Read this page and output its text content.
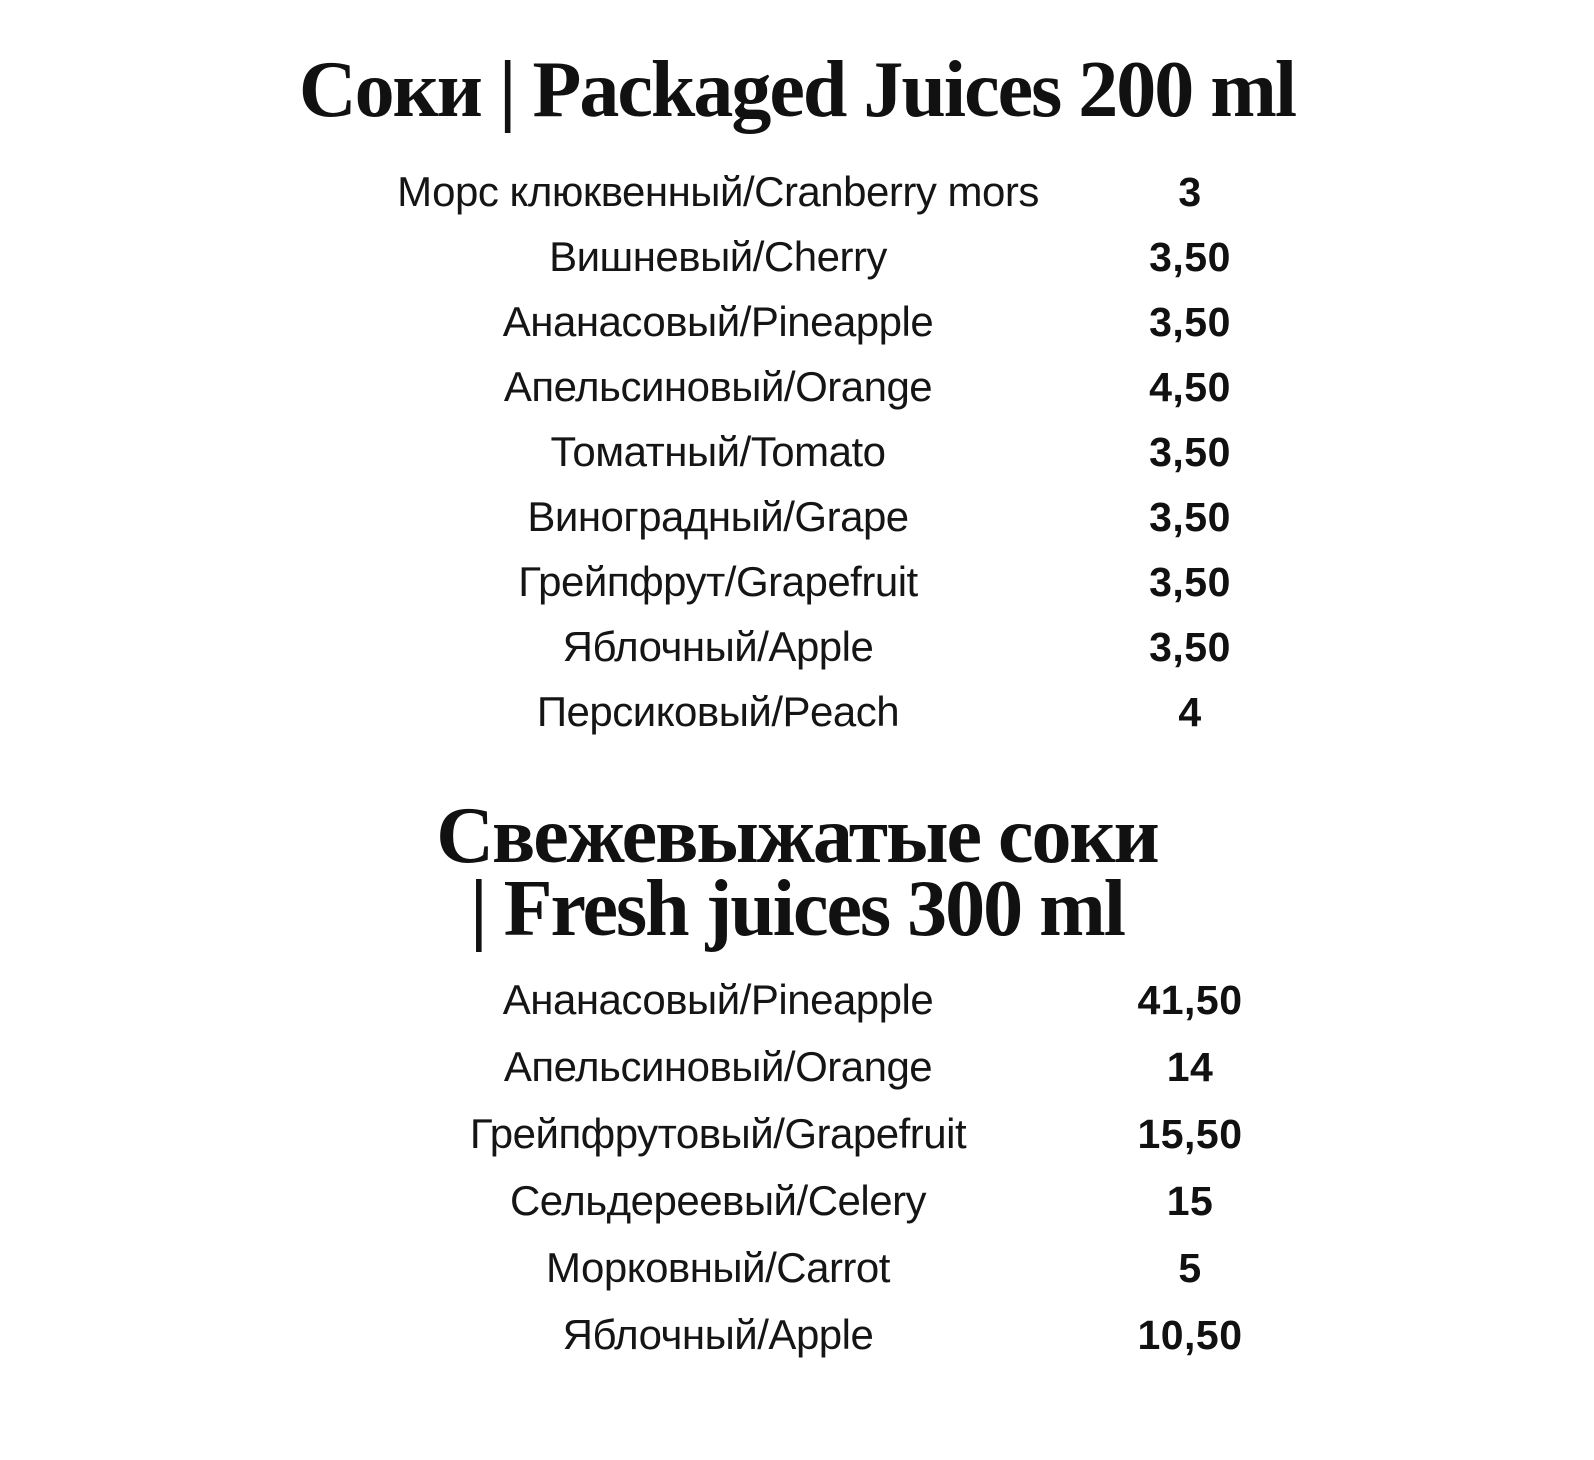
Соки | Packaged Juices 200 ml
Морс клюквенный/Cranberry mors	3
Вишневый/Cherry	3,50
Ананасовый/Pineapple	3,50
Апельсиновый/Orange	4,50
Томатный/Tomato	3,50
Виноградный/Grape	3,50
Грейпфрут/Grapefruit	3,50
Яблочный/Apple	3,50
Персиковый/Peach	4
Свежевыжатые соки
| Fresh juices 300 ml
Ананасовый/Pineapple	41,50
Апельсиновый/Orange	14
Грейпфрутовый/Grapefruit	15,50
Сельдереевый/Celery	15
Морковный/Carrot	5
Яблочный/Apple	10,50
